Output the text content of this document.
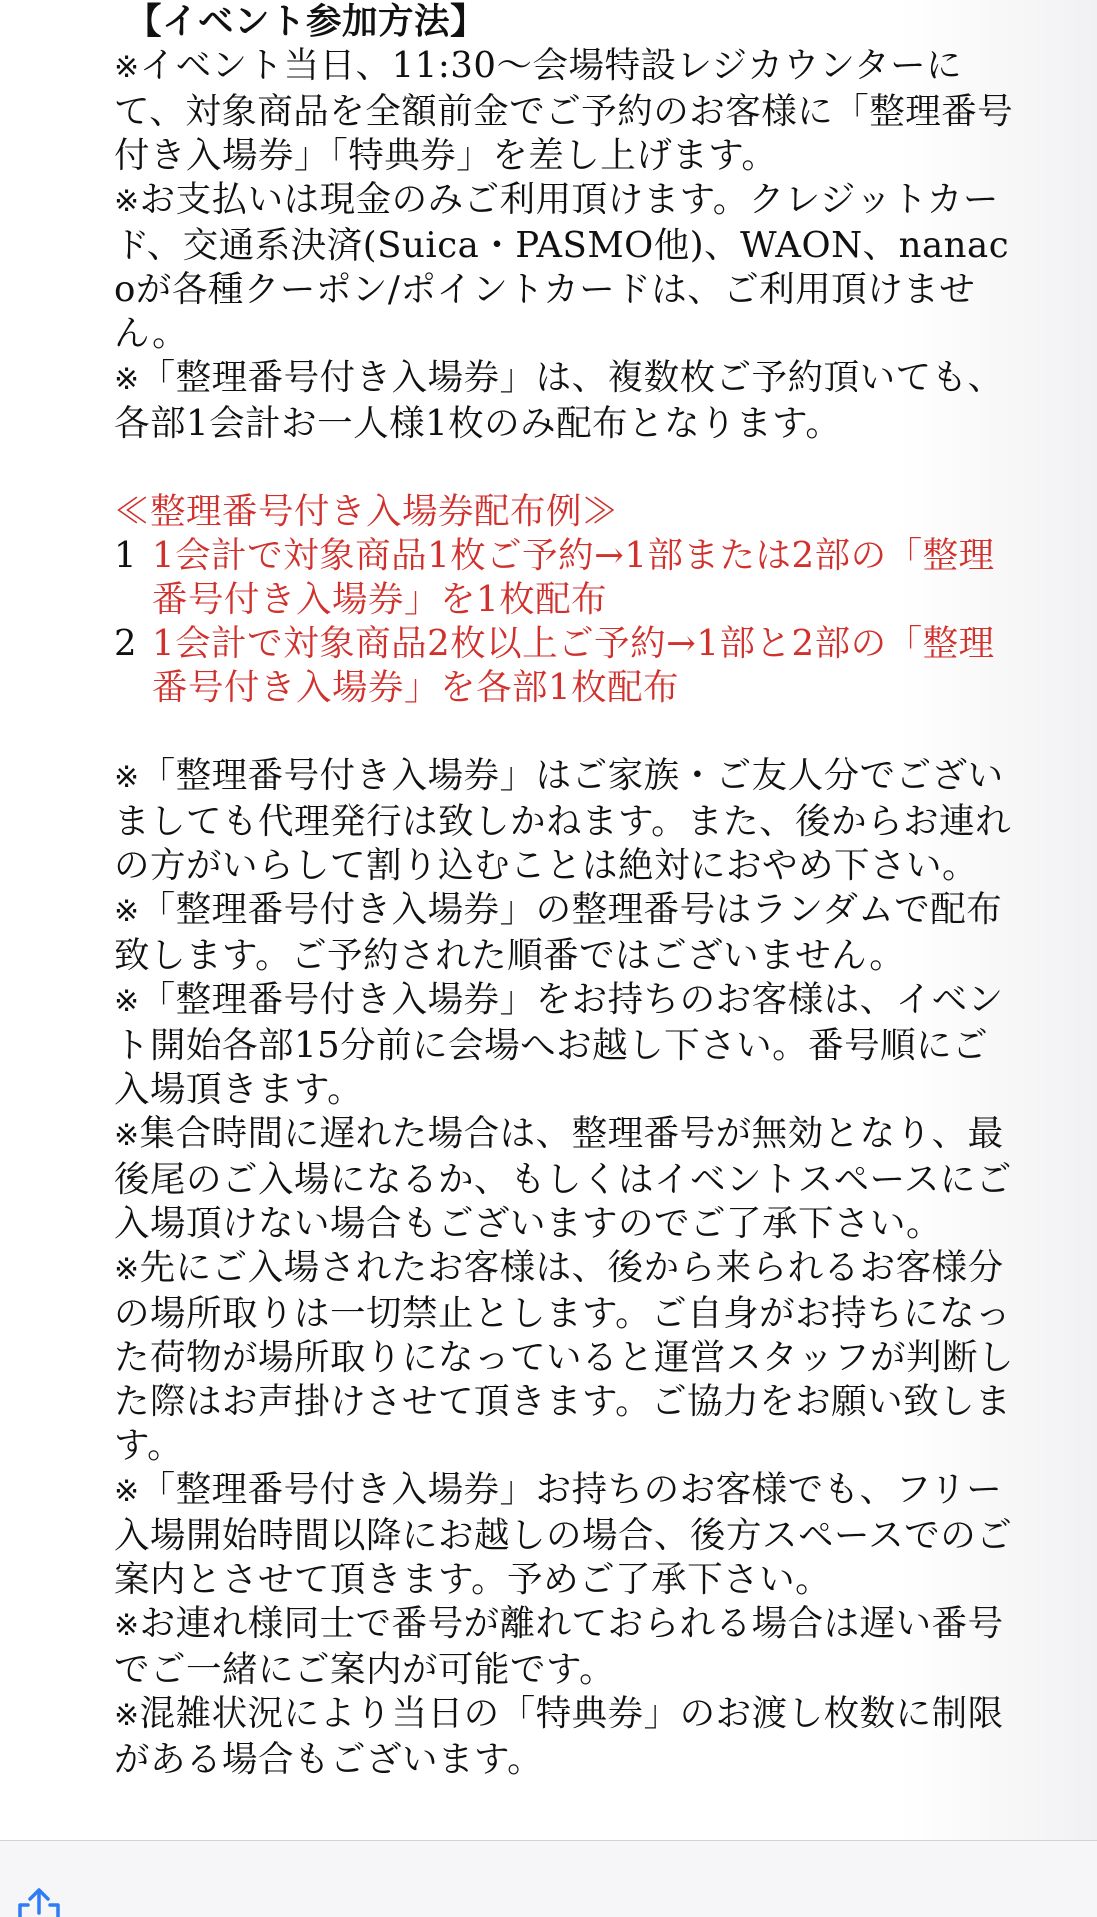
【イベント参加方法】

※イベント当日、11:30〜会場特設レジカウンターにて、対象商品を全額前金でご予約のお客様に「整理番号付き入場券」「特典券」を差し上げます。

※お支払いは現金のみご利用頂けます。クレジットカード、交通系決済(Suica・PASMO他)、WAON、nanacoが各種クーポン/ポイントカードは、ご利用頂けません。

※「整理番号付き入場券」は、複数枚ご予約頂いても、各部1会計お一人様1枚のみ配布となります。

≪整理番号付き入場券配布例≫

1 1会計で対象商品1枚ご予約→1部または2部の「整理番号付き入場券」を1枚配布

2 1会計で対象商品2枚以上ご予約→1部と2部の「整理番号付き入場券」を各部1枚配布

※「整理番号付き入場券」はご家族・ご友人分でございましても代理発行は致しかねます。また、後からお連れの方がいらして割り込むことは絶対におやめ下さい。

※「整理番号付き入場券」の整理番号はランダムで配布致します。ご予約された順番ではございません。

※「整理番号付き入場券」をお持ちのお客様は、イベント開始各部15分前に会場へお越し下さい。番号順にご入場頂きます。

※集合時間に遅れた場合は、整理番号が無効となり、最後尾のご入場になるか、もしくはイベントスペースにご入場頂けない場合もございますのでご了承下さい。

※先にご入場されたお客様は、後から来られるお客様分の場所取りは一切禁止とします。ご自身がお持ちになった荷物が場所取りになっていると運営スタッフが判断した際はお声掛けさせて頂きます。ご協力をお願い致します。

※「整理番号付き入場券」お持ちのお客様でも、フリー入場開始時間以降にお越しの場合、後方スペースでのご案内とさせて頂きます。予めご了承下さい。

※お連れ様同士で番号が離れておられる場合は遅い番号でご一緒にご案内が可能です。

※混雑状況により当日の「特典券」のお渡し枚数に制限がある場合もございます。
